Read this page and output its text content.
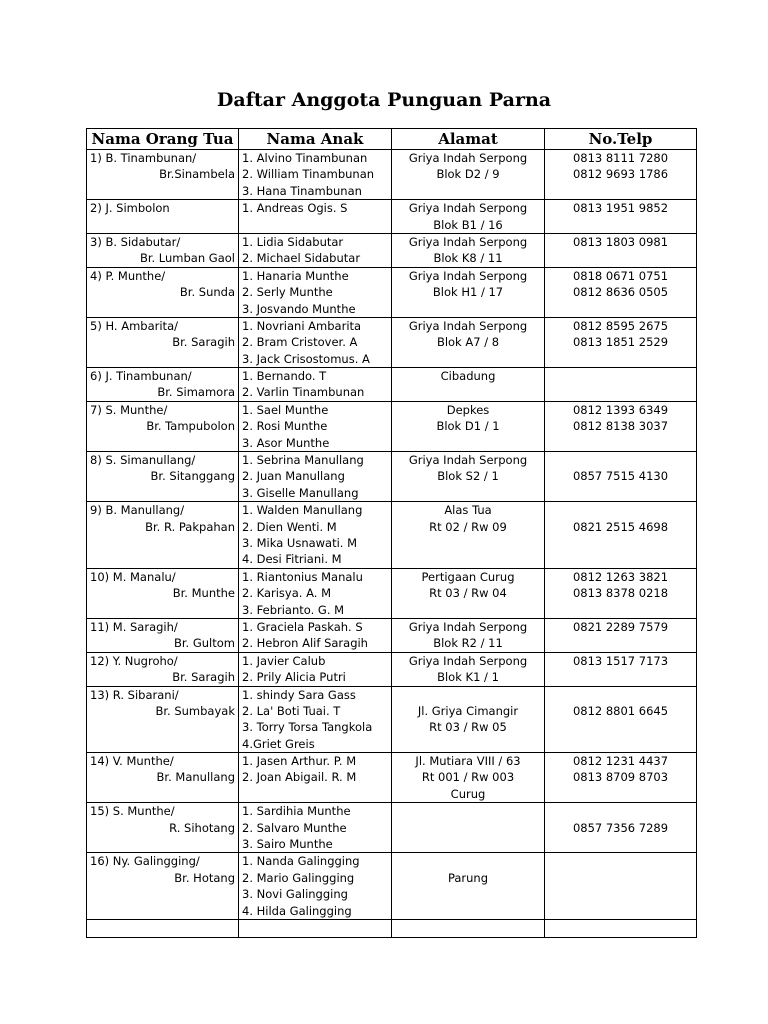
Daftar Anggota Punguan Parna
Nama Orang Tua	Nama Anak	Alamat	No.Telp

1) B. Tinambunan/
Br.Sinambela	1. Alvino Tinambunan
2. William Tinambunan
3. Hana Tinambunan	Griya Indah Serpong
Blok D2 / 9	0813 8111 7280
0812 9693 1786

2) J. Simbolon	1. Andreas Ogis. S	Griya Indah Serpong
Blok B1 / 16	0813 1951 9852

3) B. Sidabutar/
Br. Lumban Gaol	1. Lidia Sidabutar
2. Michael Sidabutar	Griya Indah Serpong
Blok K8 / 11	0813 1803 0981

4) P. Munthe/
Br. Sunda	1. Hanaria Munthe
2. Serly Munthe
3. Josvando Munthe	Griya Indah Serpong
Blok H1 / 17	0818 0671 0751
0812 8636 0505

5) H. Ambarita/
Br. Saragih	1. Novriani Ambarita
2. Bram Cristover. A
3. Jack Crisostomus. A	Griya Indah Serpong
Blok A7 / 8	0812 8595 2675
0813 1851 2529

6) J. Tinambunan/
Br. Simamora	1. Bernando. T
2. Varlin Tinambunan	Cibadung	

7) S. Munthe/
Br. Tampubolon	1. Sael Munthe
2. Rosi Munthe
3. Asor Munthe	Depkes
Blok D1 / 1	0812 1393 6349
0812 8138 3037

8) S. Simanullang/
Br. Sitanggang	1. Sebrina Manullang
2. Juan Manullang
3. Giselle Manullang	Griya Indah Serpong
Blok S2 / 1	0857 7515 4130

9) B. Manullang/
Br. R. Pakpahan	1. Walden Manullang
2. Dien Wenti. M
3. Mika Usnawati. M
4. Desi Fitriani. M	Alas Tua
Rt 02 / Rw 09	0821 2515 4698

10) M. Manalu/
Br. Munthe	1. Riantonius Manalu
2. Karisya. A. M
3. Febrianto. G. M	Pertigaan Curug
Rt 03 / Rw 04	0812 1263 3821
0813 8378 0218

11) M. Saragih/
Br. Gultom	1. Graciela Paskah. S
2. Hebron Alif Saragih	Griya Indah Serpong
Blok R2 / 11	0821 2289 7579

12) Y. Nugroho/
Br. Saragih	1. Javier Calub
2. Prily Alicia Putri	Griya Indah Serpong
Blok K1 / 1	0813 1517 7173

13) R. Sibarani/
Br. Sumbayak	1. shindy Sara Gass
2. La' Boti Tuai. T
3. Torry Torsa Tangkola
4.Griet Greis	Jl. Griya Cimangir
Rt 03 / Rw 05	0812 8801 6645

14) V. Munthe/
Br. Manullang	1. Jasen Arthur. P. M
2. Joan Abigail. R. M	Jl. Mutiara VIII / 63
Rt 001 / Rw 003
Curug	0812 1231 4437
0813 8709 8703

15) S. Munthe/
R. Sihotang	1. Sardihia Munthe
2. Salvaro Munthe
3. Sairo Munthe		0857 7356 7289

16) Ny. Galingging/
Br. Hotang	1. Nanda Galingging
2. Mario Galingging
3. Novi Galingging
4. Hilda Galingging	Parung	
